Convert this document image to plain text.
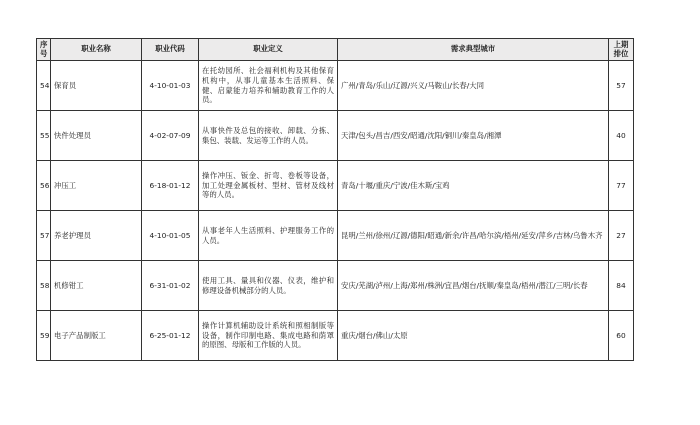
序号	职业名称	职业代码	职业定义	需求典型城市	上期排位
54	保育员	4-10-01-03	在托幼园所、社会福利机构及其他保育机构中，从事儿童基本生活照料、保健、启蒙能力培养和辅助教育工作的人员。	广州/青岛/乐山/辽源/兴义/马鞍山/长春/大同	57
55	快件处理员	4-02-07-09	从事快件及总包的接收、卸载、分拣、集包、装载、发运等工作的人员。	天津/包头/昌吉/西安/昭通/沈阳/铜川/秦皇岛/湘潭	40
56	冲压工	6-18-01-12	操作冲压、钣金、折弯、卷板等设备，加工处理金属板材、型材、管材及线材等的人员。	青岛/十堰/重庆/宁波/佳木斯/宝鸡	77
57	养老护理员	4-10-01-05	从事老年人生活照料、护理服务工作的人员。	昆明/兰州/徐州/辽源/德阳/昭通/新余/许昌/哈尔滨/梧州/延安/萍乡/吉林/乌鲁木齐	27
58	机修钳工	6-31-01-02	使用工具、量具和仪器、仪表，维护和修理设备机械部分的人员。	安庆/芜湖/泸州/上海/郑州/株洲/宜昌/烟台/抚顺/秦皇岛/梧州/潜江/三明/长春	84
59	电子产品制版工	6-25-01-12	操作计算机辅助设计系统和照相制版等设备，制作印制电路、集成电路和荫罩的原图、母版和工作版的人员。	重庆/烟台/佛山/太原	60
